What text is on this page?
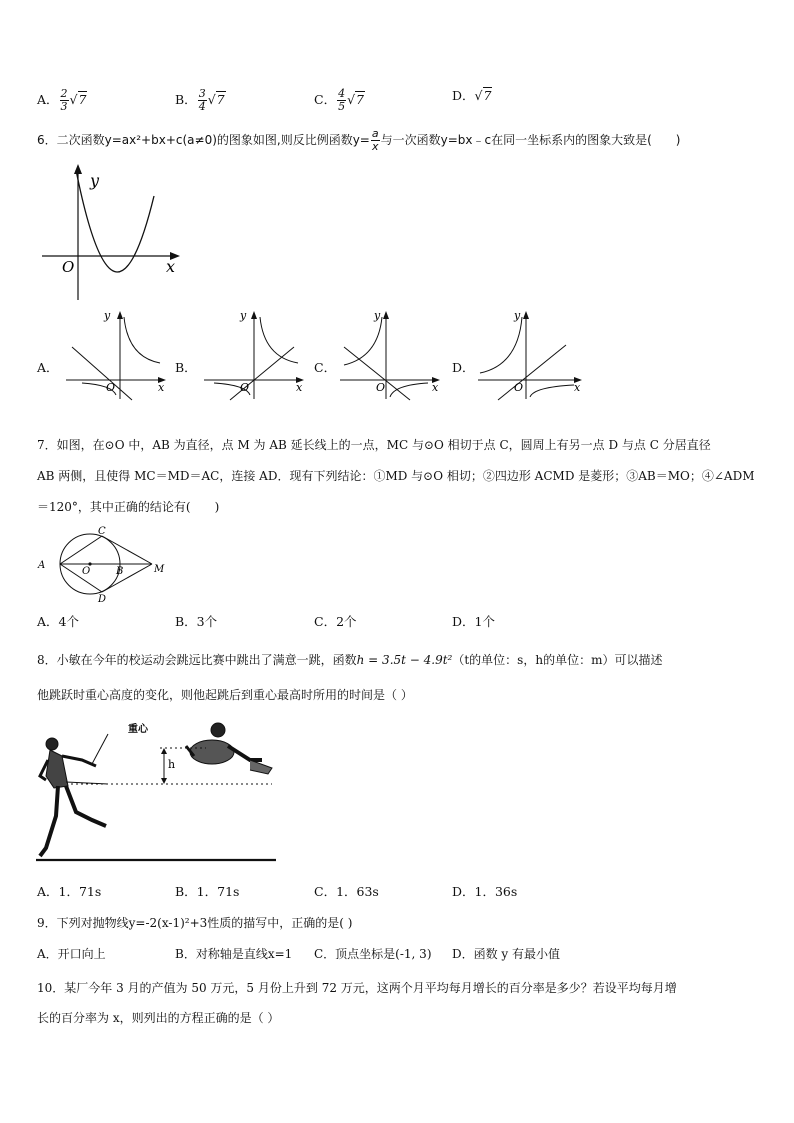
A． $\frac{2}{3} √7$	B． $\frac{3}{4} √7$	C． $\frac{4}{5} √7$	D．√7
6．二次函数y=ax²+bx+c(a≠0)的图象如图,则反比例函数$y= \frac{a}{x}$ 与一次函数y=bx﹣c在同一坐标系内的图象大致是(　　)
y
x
O
A．
y
x
O
B．
y
x
O
C．
y
x
O
D．
y
x
O
7．如图，在⊙O 中，AB 为直径，点 M 为 AB 延长线上的一点，MC 与⊙O 相切于点 C，圆周上有另一点 D 与点 C 分居直径
AB 两侧，且使得 MC＝MD＝AC，连接 AD．现有下列结论：①MD 与⊙O 相切；②四边形 ACMD 是菱形；③AB＝MO；④∠ADM
＝120°，其中正确的结论有(　　)
A
C
D
O	B	M
A．4个	B．3个	C．2个	D．1个
8．小敏在今年的校运动会跳远比赛中跳出了满意一跳，函数h = 3.5t − 4.9t²（t的单位：s，h的单位：m）可以描述
他跳跃时重心高度的变化，则他起跳后到重心最高时所用的时间是（ ）
h
重心
A．1．71s	B．1．71s	C．1．63s	D．1．36s
9．下列对抛物线y=-2(x-1)²+3性质的描写中，正确的是( )
A．开口向上	B．对称轴是直线x=1 C．顶点坐标是(-1, 3) D．函数 y 有最小值
10．某厂今年 3 月的产值为 50 万元，5 月份上升到 72 万元，这两个月平均每月增长的百分率是多少？若设平均每月增
长的百分率为 x，则列出的方程正确的是（ ）
